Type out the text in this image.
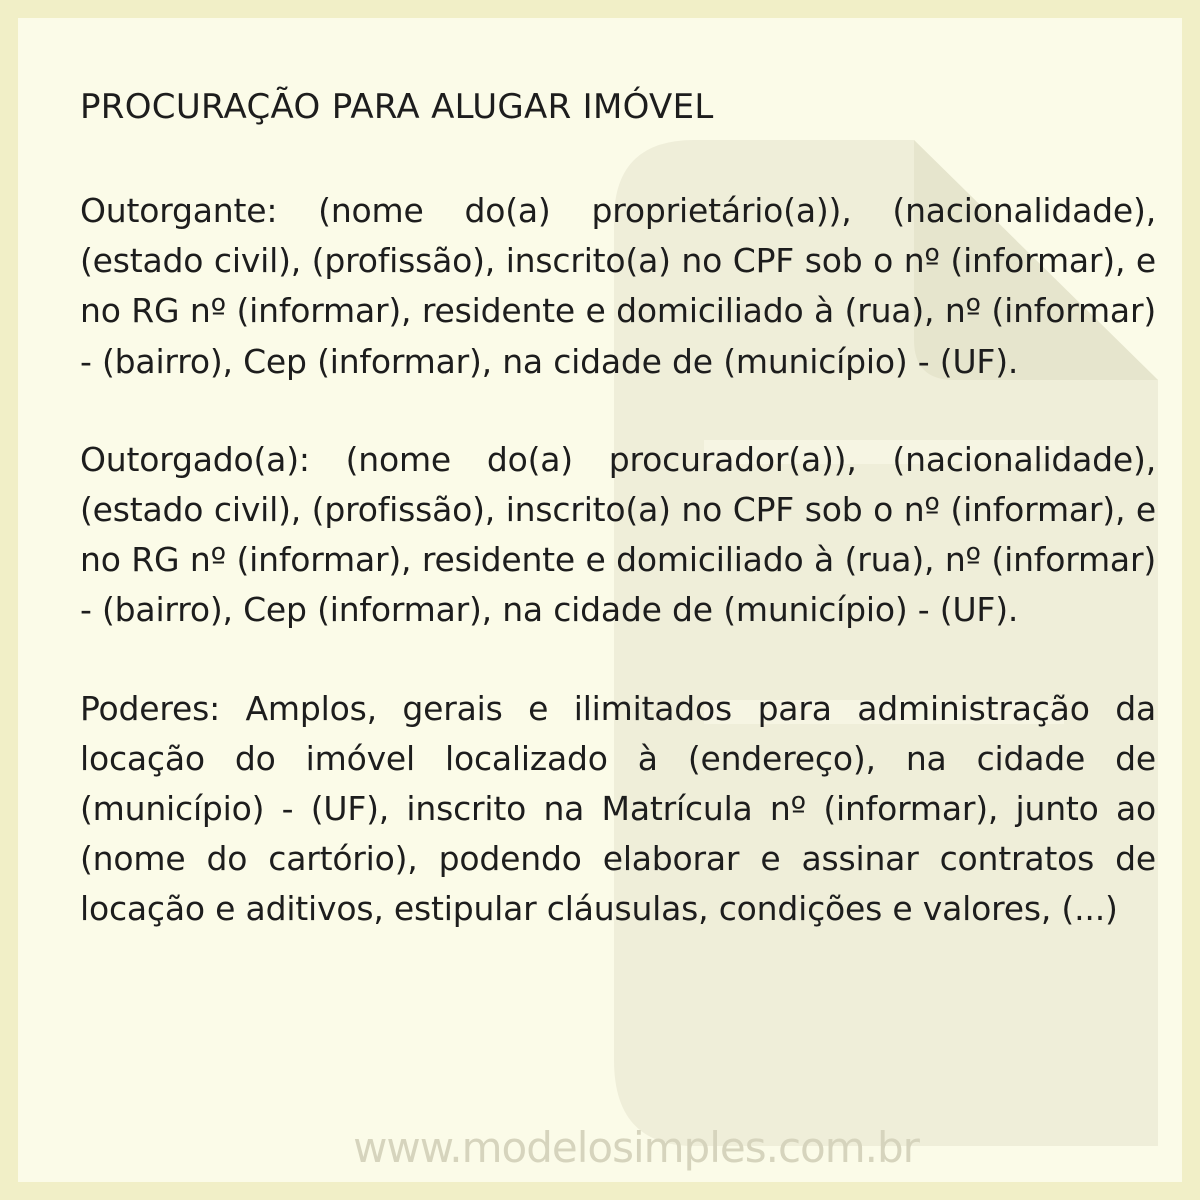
PROCURAÇÃO PARA ALUGAR IMÓVEL

Outorgante: (nome do(a) proprietário(a)), (nacionalidade), (estado civil), (profissão), inscrito(a) no CPF sob o nº (informar), e no RG nº (informar), residente e domiciliado à (rua), nº (informar) - (bairro), Cep (informar), na cidade de (município) - (UF).

Outorgado(a): (nome do(a) procurador(a)), (nacionalidade), (estado civil), (profissão), inscrito(a) no CPF sob o nº (informar), e no RG nº (informar), residente e domiciliado à (rua), nº (informar) - (bairro), Cep (informar), na cidade de (município) - (UF).

Poderes: Amplos, gerais e ilimitados para administração da locação do imóvel localizado à (endereço), na cidade de (município) - (UF), inscrito na Matrícula nº (informar), junto ao (nome do cartório), podendo elaborar e assinar contratos de locação e aditivos, estipular cláusulas, condições e valores, (...)

www.modelosimples.com.br
